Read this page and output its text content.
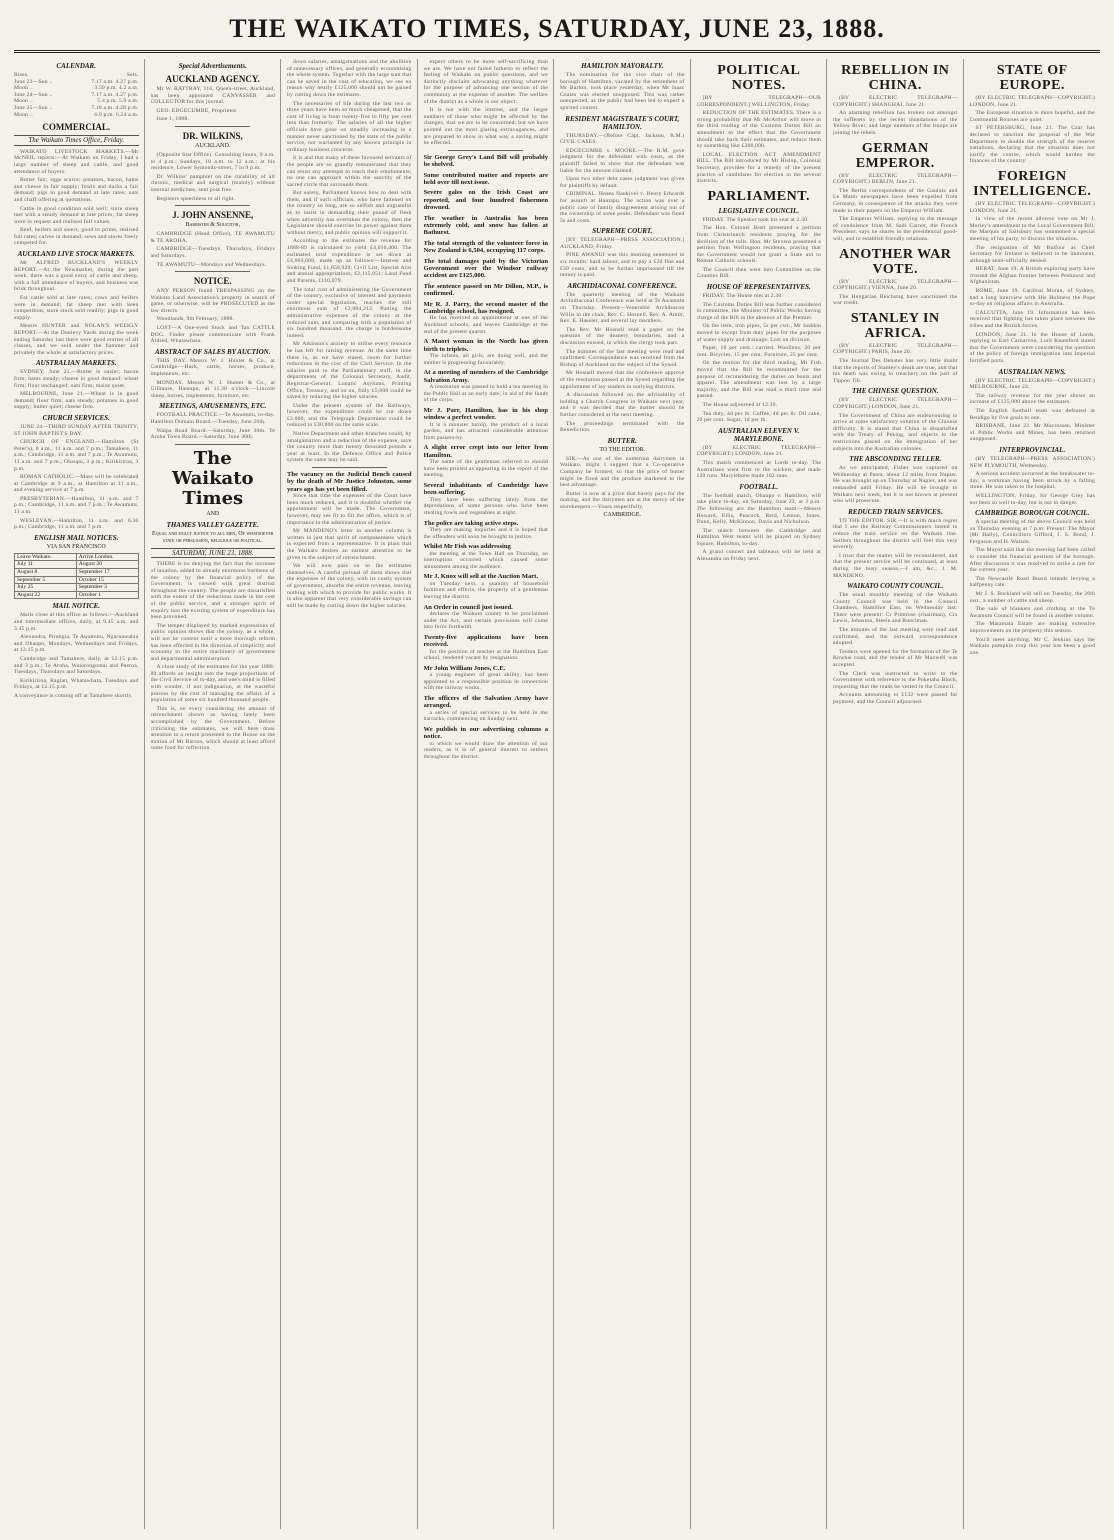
THE WAIKATO TIMES, SATURDAY, JUNE 23, 1888.
CALENDAR.
Rises.	Sets.
June 23—Sun ..	7.17 a.m. 4.27 p.m.
Moon ..	3.59 p.m. 4.2 a.m.
June 24—Sun ..	7.17 a.m. 4.27 p.m.
Moon ..	5.4 p.m. 5.9 a.m.
June 25—Sun ..	7.18 a.m. 4.28 p.m.
Moon ..	6.9 p.m. 6.24 a.m.
COMMERCIAL.
The Waikato Times Office, Friday.

WAIKATO LIVESTOCK MARKETS.—Mr McNEIL reports:—At Waikato on Friday, I had a large number of sheep and cattle, and good attendance of buyers.

Butter fair; eggs scarce; potatoes, bacon, hams and cheese in fair supply; fowls and ducks a fair demand; pigs in good demand at late rates; oats and chaff offering at quotations.

Cattle in good condition sold well; store sheep met with a steady demand at late prices; fat sheep were in request and realised full values.

Beef, heifers and steers, good to prime, realised full rates; calves in demand; sows and stores freely competed for.

AUCKLAND LIVE STOCK MARKETS.

Mr ALFRED BUCKLAND'S WEEKLY REPORT.—At the Newmarket, during the past week, there was a good entry of cattle and sheep, with a full attendance of buyers, and business was brisk throughout.

Fat cattle sold at late rates; cows and heifers were in demand; fat sheep met with keen competition; store stock sold readily; pigs in good supply.

Messrs HUNTER and NOLAN'S WEEKLY REPORT.—At the Dunlevy Yards during the week ending Saturday last there were good entries of all classes, and we sold under the hammer and privately the whole at satisfactory prices.

AUSTRALIAN MARKETS.

SYDNEY, June 21.—Butter is easier; bacon firm; hams steady; cheese in good demand; wheat firm; flour unchanged; oats firm; maize quiet.

MELBOURNE, June 21.—Wheat is in good demand; flour firm; oats steady; potatoes in good supply; butter quiet; cheese firm.

CHURCH SERVICES.

JUNE 24—THIRD SUNDAY AFTER TRINITY; ST JOHN BAPTIST'S DAY.

CHURCH OF ENGLAND.—Hamilton (St Peter's), 8 a.m., 11 a.m. and 7 p.m.; Tamahere, 11 a.m.; Cambridge, 11 a.m. and 7 p.m.; Te Awamutu, 11 a.m. and 7 p.m.; Ohaupo, 3 p.m.; Kirikiriroa, 3 p.m.

ROMAN CATHOLIC.—Mass will be celebrated at Cambridge at 9 a.m., at Hamilton at 11 a.m., and evening service at 7 p.m.

PRESBYTERIAN.—Hamilton, 11 a.m. and 7 p.m.; Cambridge, 11 a.m. and 7 p.m.; Te Awamutu, 11 a.m.

WESLEYAN.—Hamilton, 11 a.m. and 6.30 p.m.; Cambridge, 11 a.m. and 7 p.m.

ENGLISH MAIL NOTICES.
VIA SAN FRANCISCO
Leave Waikato.	Arrive London.
July 11	August 20
August 8	September 17
September 5	October 15
July 25	September 3
August 22	October 1
MAIL NOTICE.

Mails close at this office as follows:—Auckland and intermediate offices, daily, at 9.45 a.m. and 3.45 p.m.

Alexandra, Pirongia, Te Awamutu, Ngaruawahia and Ohaupo, Mondays, Wednesdays and Fridays, at 12.15 p.m.

Cambridge and Tamahere, daily, at 12.15 p.m. and 3 p.m.; Te Aroha, Waiorongomai and Paeroa, Tuesdays, Thursdays and Saturdays.

Kirikiriroa, Raglan, Whatawhata, Tuesdays and Fridays, at 12.15 p.m.

A conveyance is coming off at Tamahere shortly.
Special Advertisements.
AUCKLAND AGENCY.

Mr W. RATTRAY, 116, Queen-street, Auckland, has been appointed CANVASSER and COLLECTOR for this journal.

GEO. EDGECUMBE, Proprietor.

June 1, 1888.

DR. WILKINS,
AUCKLAND.

(Opposite Star Office). Consulting hours, 9 a.m. to 4 p.m.; Sundays, 10 a.m. to 12 a.m.; at his residence, Lower Symonds-street, 7 to 9 p.m.

Dr. Wilkins' pamphlet on the curability of all chronic, medical and surgical (mainly) without internal medicines, sent post free.

Registers speechless to all right.

J. JOHN ANSENNE,
Barrister & Solicitor,

CAMBRIDGE (Head Office), TE AWAMUTU & TE AROHA.

CAMBRIDGE—Tuesdays, Thursdays, Fridays and Saturdays.

TE AWAMUTU—Mondays and Wednesdays.

NOTICE.

ANY PERSON found TRESPASSING on the Waikato Land Association's property in search of game, or otherwise, will be PROSECUTED as the law directs.

Woodlands, 9th February, 1888.

LOST—A One-eyed Stock and Tan CATTLE DOG. Finder please communicate with Frank Aldred, Whatawhata.

ABSTRACT OF SALES BY AUCTION.

THIS DAY. Messrs W. J. Hunter & Co., at Cambridge.—Hack, cattle, horses, produce, implements, etc.

MONDAY. Messrs W. J. Hunter & Co., at Gillmore, Hautapu, at 11.30 o'clock.—Lincoln sheep, horses, implements, furniture, etc.

MEETINGS, AMUSEMENTS, ETC.

FOOTBALL PRACTICE.—Te Awamutu, to-day. Hamilton Domain Board.—Tuesday, June 26th.

Waipa Road Board.—Saturday, June 30th. Te Aroha Town Board.—Saturday, June 30th.

The Waikato Times
AND
THAMES VALLEY GAZETTE.
Equal and exact justice to all men, Of whatsoever state or persuasion, religious or political.
SATURDAY, JUNE 23, 1888.

THERE is no denying the fact that the increase of taxation, added to already enormous burthens of the colony by the financial policy of the Government, is viewed with great distrust throughout the country. The people are dissatisfied with the extent of the reductions made in the cost of the public service, and a stronger spirit of enquiry into the existing system of expenditure has been provoked.

The temper displayed by marked expressions of public opinion shows that the colony, as a whole, will not be content until a more thorough reform has been effected in the direction of simplicity and economy in the entire machinery of government and departmental administration.

A close study of the estimates for the year 1888-89 affords an insight into the huge proportions of the Civil Service of to-day, and one's mind is filled with wonder, if not indignation, at the wasteful process by the cost of managing the affairs of a population of some six hundred thousand people.

This is, on every considering the amount of retrenchment shown as having lately been accomplished by the Government. Before criticising the estimates, we will here draw attention to a return presented to the House on the motion of Mr Barron, which should at least afford some food for reflection.

down salaries, amalgamations and the abolition of unnecessary offices, and generally economising the whole system. Together with the large sum that can be saved in the cost of education, we see no reason why nearly £125,000 should not be gained by cutting down the estimates.

The necessaries of life during the last two or three years have been so much cheapened, that the cost of living is from twenty-five to fifty per cent less than formerly. The salaries of all the higher officials have gone on steadily increasing in a manner never sanctioned by the state of the public service, nor warranted by any known principle in ordinary business concerns.

It is and that many of these favoured servants of the people are so grandly remunerated that they can resist any attempts to reach their emoluments; no one can approach within the sanctity of the sacred circle that surrounds them.

But surely, Parliament knows how to deal with them, and if such officials, who have fattened on the country so long, are so selfish and ungrateful as to insist in demanding their pound of flesh when adversity has overtaken the colony, then the Legislature should exercise its power against them without mercy, and public opinion will support it.

According to the estimates the revenue for 1888-89 is calculated to yield £4,016,400. The estimated total expenditure is set down at £4,063,668, made up as follows:—Interest and Sinking Fund, £1,858,929; Civil List, Special Acts and annual appropriations, £2,115,051; Land Fund and Parents, £110,079.

The total cost of administering the Government of the country, exclusive of interest and payments under special legislation, reaches the still enormous sum of £2,004,212. Putting the administrative expenses of the colony at the reduced sum, and comparing with a population of six hundred thousand, the charge is burdensome indeed.

Mr Atkinson's anxiety to utilise every resource he has left for raising revenue. At the same time there is, as we have stated, room for further reductions in the cost of the Civil Service. In the salaries paid to the Parliamentary staff, in the departments of the Colonial Secretary, Audit, Registrar-General, Lunatic Asylums, Printing Office, Treasury, and so on, fully £5,000 could be saved by reducing the higher salaries.

Under the present system of the Railways, however, the expenditure could be cut down £2,000, and the Telegraph Department could be reduced to £30,000 on the same scale.

Native Department and other branches could, by amalgamation and a reduction of the expense, save the country more than twenty thousand pounds a year at least. In the Defence Office and Police system the same may be said.

The vacancy on the Judicial Bench caused by the death of Mr Justice Johnston, some years ago has yet been filled.

Since that time the expenses of the Court have been much reduced, and it is doubtful whether the appointment will be made. The Government, however, may see fit to fill the office, which is of importance to the administration of justice.

Mr MANDENO's letter in another column is written in just that spirit of outspokenness which is expected from a representative. It is plain that the Waikato desires an earnest attention to be given to the subject of retrenchment.

We will now pass on to the estimates themselves. A careful perusal of them shows that the expenses of the colony, with its costly system of government, absorbs the entire revenue, leaving nothing with which to provide for public works. It is also apparent that very considerable savings can still be made by cutting down the higher salaries.

expect others to be more self-sacrificing than we are. We have not failed hitherto to reflect the feeling of Waikato on public questions, and we distinctly disclaim advocating anything whatever for the purpose of advancing one section of the community at the expense of another. The welfare of the district as a whole is our object.

It is not with the interest, and the larger numbers of those who might be affected by the changes, that we are to be concerned; but we have pointed out the most glaring extravagances, and are prepared to show in what way a saving might be effected.

Sir George Grey's Land Bill will probably be shelved.
Some contributed matter and reports are held over till next issue.
Severe gales on the Irish Coast are reported, and four hundred fishermen drowned.
The weather in Australia has been extremely cold, and snow has fallen at Bathurst.
The total strength of the volunteer force in New Zealand is 6,504, occupying 117 corps.
The total damages paid by the Victorian Government over the Windsor railway accident are £125,000.
The sentence passed on Mr Dillon, M.P., is confirmed.
Mr R. J. Parry, the second master of the Cambridge school, has resigned.

He has received an appointment at one of the Auckland schools, and leaves Cambridge at the end of the present quarter.

A Maori woman in the North has given birth to triplets.

The infants, all girls, are doing well, and the mother is progressing favourably.

At a meeting of members of the Cambridge Salvation Army.

A resolution was passed to hold a tea meeting in the Public Hall at an early date, in aid of the funds of the corps.

Mr J. Parr, Hamilton, has in his shop window a perfect wonder.

It is a monster turnip, the product of a local garden, and has attracted considerable attention from passers-by.

A slight error crept into our letter from Hamilton.

The name of the gentleman referred to should have been printed as appearing in the report of the meeting.

Several inhabitants of Cambridge have been suffering.

They have been suffering lately from the depredations of some persons who have been stealing fowls and vegetables at night.

The police are taking active steps.

They are making inquiries and it is hoped that the offenders will soon be brought to justice.

Whilst Mr Fish was addressing

the meeting at the Town Hall on Thursday, an interruption occurred which caused some amusement among the audience.

Mr J. Knox will sell at the Auction Mart.

on Tuesday next, a quantity of household furniture and effects, the property of a gentleman leaving the district.

An Order in council just issued.

declares the Waikato county to be proclaimed under the Act, and certain provisions will come into force forthwith.

Twenty-five applications have been received.

for the position of teacher at the Hamilton East school, rendered vacant by resignation.

Mr John William Jones, C.E.

a young engineer of great ability, has been appointed to a responsible position in connection with the railway works.

The officers of the Salvation Army have arranged.

a series of special services to be held in the barracks, commencing on Sunday next.

We publish in our advertising columns a notice.

to which we would draw the attention of our readers, as it is of general interest to settlers throughout the district.

HAMILTON MAYORALTY.

The nomination for the vice chair of the borough of Hamilton, vacated by the retirement of Mr Barton, took place yesterday, when Mr Isaac Coates was elected unopposed. This was rather unexpected, as the public had been led to expect a spirited contest.

RESIDENT MAGISTRATE'S COURT, HAMILTON.

THURSDAY.—(Before Capt. Jackson, R.M.) CIVIL CASES.

EDGECUMBE v. MOORE.—The R.M. gave judgment for the defendant with costs, as the plaintiff failed to show that the defendant was liable for the amount claimed.

Upon two other debt cases judgment was given for plaintiffs by default.

CRIMINAL. Hosea Nankivel v. Henry Edwards for assault at Hautapu. The action was over a public case of family disagreement arising out of the ownership of some pesks. Defendant was fined 5s and costs.

SUPREME COURT.

[BY TELEGRAPH—PRESS ASSOCIATION.] AUCKLAND, Friday.

PINE AWANUI was this morning sentenced to six months' hard labour, and to pay a £20 fine and £30 costs, and to be further imprisoned till the money is paid.

ARCHIDIACONAL CONFERENCE.

The quarterly meeting of the Waikato Archidiaconal Conference was held at Te Awamutu on Thursday. Present—Venerable Archdeacon Willis in the chair, Rev. C. Hosnell, Rev. A. Amitt, Rev. E. Haseler, and several lay members.

The Rev. Mr Hosnell read a paper on the question of the deanery boundaries, and a discussion ensued, in which the clergy took part.

The minutes of the last meeting were read and confirmed. Correspondence was received from the Bishop of Auckland on the subject of the Synod.

Mr Hosnell moved that the conference approve of the resolution passed at the Synod regarding the appointment of lay readers in outlying districts.

A discussion followed on the advisability of holding a Church Congress in Waikato next year, and it was decided that the matter should be further considered at the next meeting.

The proceedings terminated with the Benediction.

BUTTER.
TO THE EDITOR.

SIR,—As one of the numerous dairymen in Waikato, might I suggest that a Co-operative Company be formed, so that the price of butter might be fixed and the produce marketed to the best advantage.

Butter is now at a price that barely pays for the making, and the dairymen are at the mercy of the storekeepers.—Yours respectfully,

CAMBRIDGE.
POLITICAL NOTES.

[BY TELEGRAPH—OUR CORRESPONDENT.] WELLINGTON, Friday.

REDUCTION OF THE ESTIMATES. There is a strong probability that Mr McArthur will move in the third reading of the Customs Duties Bill an amendment to the effect that the Government should take back their estimates, and reduce them by something like £200,000.

LOCAL ELECTION ACT AMENDMENT BILL. The Bill introduced by Mr Hislop, Colonial Secretary, provides for a remedy of the present practice of candidates for election in the several districts.

PARLIAMENT.
LEGISLATIVE COUNCIL.

FRIDAY. The Speaker took his seat at 2.30.

The Hon. Colonel Brett presented a petition from Christchurch residents praying for the abolition of the tolls. Hon. Mr Stevens presented a petition from Wellington residents, praying that the Government would not grant a State aid to Roman Catholic schools.

The Council then went into Committee on the Counties Bill.

HOUSE OF REPRESENTATIVES.

FRIDAY. The House met at 2.30.

The Customs Duties Bill was further considered in committee, the Minister of Public Works having charge of the Bill in the absence of the Premier.

On the item, iron pipes, 5s per cwt., Mr Seddon moved to except from duty pipes for the purposes of water supply and drainage. Lost on division.

Paper, 10 per cent.: carried. Woollens, 20 per cent. Bicycles, 15 per cent. Furniture, 25 per cent.

On the motion for the third reading, Mr Fish moved that the Bill be recommitted for the purpose of reconsidering the duties on boots and apparel. The amendment was lost by a large majority, and the Bill was read a third time and passed.

The House adjourned at 12.30.

Tea duty, 4d per lb. Coffee, 4d per lb. Oil cake, 20 per cent. Sugar, 1d per lb.

AUSTRALIAN ELEVEN V. MARYLEBONE.

(BY ELECTRIC TELEGRAPH—COPYRIGHT.) LONDON, June 21.

This match commenced at Lords to-day. The Australians went first to the wickets, and made 139 runs. Marylebone made 102 runs.

FOOTBALL.

The football match, Ohaupo v. Hamilton, will take place to-day, on Saturday, June 23, at 3 p.m. The following are the Hamilton team:—Messrs Howard, Ellis, Peacock, Reid, Lemon, Jones, Dunn, Kelly, McKinnon, Davis and Nicholson.

The match between the Cambridge and Hamilton West teams will be played on Sydney Square, Hamilton, to-day.

A grand concert and tableaux will be held at Alexandra on Friday next.

REBELLION IN CHINA.

(BY ELECTRIC TELEGRAPH—COPYRIGHT.) SHANGHAI, June 21.

An alarming rebellion has broken out amongst the sufferers by the recent inundations of the Yellow River, and large numbers of the troops are joining the rebels.

GERMAN EMPEROR.

(BY ELECTRIC TELEGRAPH—COPYRIGHT.) BERLIN, June 21.

The Berlin correspondents of the Gaulois and Le Matin newspapers have been expelled from Germany, in consequence of the attacks they were made in their papers on the Emperor William.

The Emperor William, replying to the message of condolence from M. Sadi Carnot, the French President, says he shares in the presidential good-will, and to establish friendly relations.

ANOTHER WAR VOTE.

(BY ELECTRIC TELEGRAPH—COPYRIGHT.) VIENNA, June 20.

The Hungarian Reichstag have sanctioned the war credit.

STANLEY IN AFRICA.

(BY ELECTRIC TELEGRAPH—COPYRIGHT.) PARIS, June 20.

The Journal Des Debates has very little doubt that the reports of Stanley's death are true, and that his death was owing to treachery on the part of Tippoo Tib.

THE CHINESE QUESTION.

(BY ELECTRIC TELEGRAPH—COPYRIGHT.) LONDON, June 21.

The Government of China are endeavouring to arrive at some satisfactory solution of the Chinese difficulty. It is stated that China is dissatisfied with the Treaty of Peking, and objects to the restrictions placed on the immigration of her subjects into the Australian colonies.

THE ABSCONDING TELLER.

As we anticipated, Fisher was captured on Wednesday at Patea, about 12 miles from Napier. He was brought up on Thursday at Napier, and was remanded until Friday. He will be brought to Waikato next week, but it is not known at present who will prosecute.

REDUCED TRAIN SERVICES.

TO THE EDITOR. SIR,—It is with much regret that I see the Railway Commissioners intend to reduce the train service on the Waikato line. Settlers throughout the district will feel this very severely.

I trust that the matter will be reconsidered, and that the present service will be continued, at least during the busy season.—I am, &c., J. M. MANDENO.

WAIKATO COUNTY COUNCIL.

The usual monthly meeting of the Waikato County Council was held in the Council Chambers, Hamilton East, on Wednesday last. There were present: Cr Primrose (chairman), Crs Lewis, Johnston, Steele and Runciman.

The minutes of the last meeting were read and confirmed, and the outward correspondence adopted.

Tenders were opened for the formation of the Te Kowhai road, and the tender of Mr Maxwell was accepted.

The Clerk was instructed to write to the Government with reference to the Puketaha Block, requesting that the roads be vested in the Council.

Accounts amounting to £132 were passed for payment, and the Council adjourned.

STATE OF EUROPE.

(BY ELECTRIC TELEGRAPH—COPYRIGHT.) LONDON, June 21.

The European situation is more hopeful, and the Continental Bourses are quiet.

ST PETERSBURG, June 21. The Czar has declared to sanction the proposal of the War Department to double the strength of the reserve battalions, declaring that the situation does not justify the course, which would burden the finances of the country.

FOREIGN INTELLIGENCE.

(BY ELECTRIC TELEGRAPH—COPYRIGHT.) LONDON, June 21.

In view of the recent adverse vote on Mr J. Morley's amendment to the Local Government Bill, the Marquis of Salisbury has summoned a special meeting of his party, to discuss the situation.

The resignation of Mr Balfour as Chief Secretary for Ireland is believed to be imminent, although semi-officially denied.

HERAT, June 19. A British exploring party have crossed the Afghan frontier between Peshawur and Afghanistan.

ROME, June 19. Cardinal Moran, of Sydney, had a long interview with His Holiness the Pope to-day on religious affairs in Australia.

CALCUTTA, June 19. Information has been received that fighting has taken place between the tribes and the British forces.

LONDON, June 21. In the House of Lords, replying to Earl Carnarvon, Lord Knutsford stated that the Government were considering the question of the policy of foreign immigration into Imperial fortified ports.

AUSTRALIAN NEWS.

(BY ELECTRIC TELEGRAPH—COPYRIGHT.) MELBOURNE, June 22.

The railway revenue for the year shows an increase of £125,000 above the estimates.

The English football team was defeated at Bendigo by five goals to one.

BRISBANE, June 22. Mr Macrossan, Minister of Public Works and Mines, has been returned unopposed.

INTERPROVINCIAL.

(BY TELEGRAPH—PRESS ASSOCIATION.) NEW PLYMOUTH, Wednesday.

A serious accident occurred at the breakwater to-day, a workman having been struck by a falling stone. He was taken to the hospital.

WELLINGTON, Friday. Sir George Grey has not been so well to-day, but is not in danger.

CAMBRIDGE BOROUGH COUNCIL.

A special meeting of the above Council was held on Thursday evening at 7 p.m. Present: The Mayor (Mr Hally), Councillors Gifford, J. S. Bond, J. Ferguson and H. Watson.

The Mayor said that the meeting had been called to consider the financial position of the borough. After discussion it was resolved to strike a rate for the current year.

The Newcastle Road Board intends levying a halfpenny rate.

Mr J. S. Buckland will sell on Tuesday, the 26th inst., a number of cattle and sheep.

The sale of blankets and clothing at the Te Awamutu Council will be found in another column.

The Matamata Estate are making extensive improvements on the property this season.

You'll meet anything. Mr C. Jenkins says the Waikato pumpkin crop this year has been a good one.
